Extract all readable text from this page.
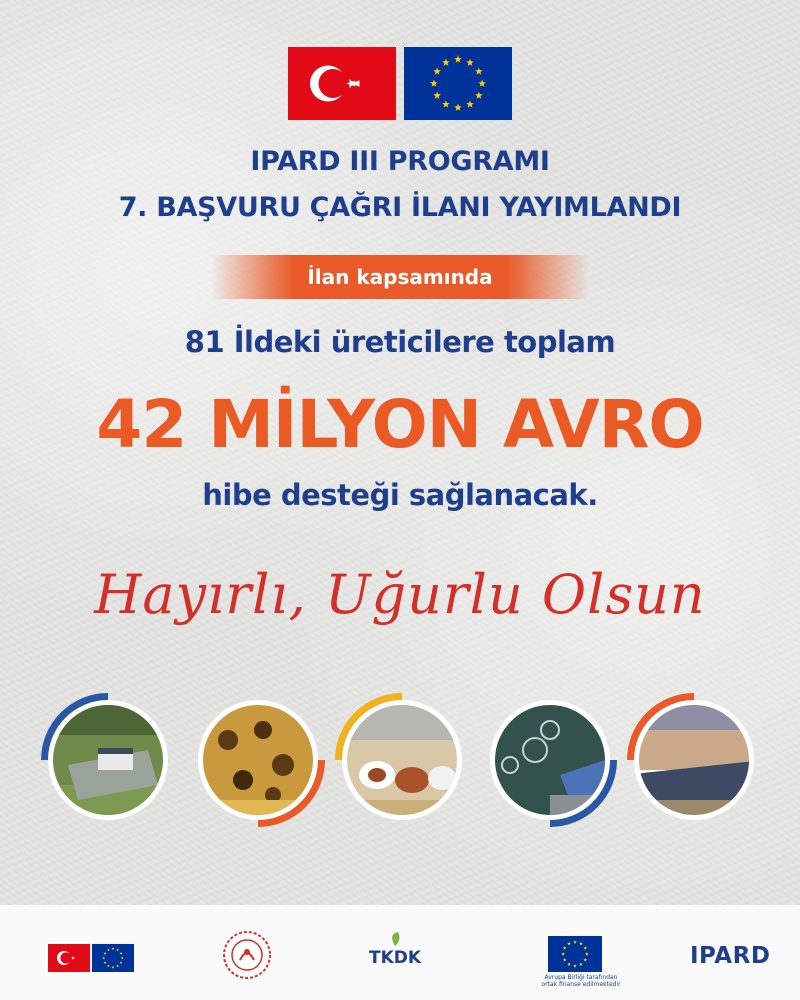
IPARD III PROGRAMI
7. BAŞVURU ÇAĞRI İLANI YAYIMLANDI
İlan kapsamında
81 İldeki üreticilere toplam
42 MİLYON AVRO
hibe desteği sağlanacak.
Hayırlı, Uğurlu Olsun
TKDK
Avrupa Birliği tarafından
ortak finanse edilmektedir
IPARD
